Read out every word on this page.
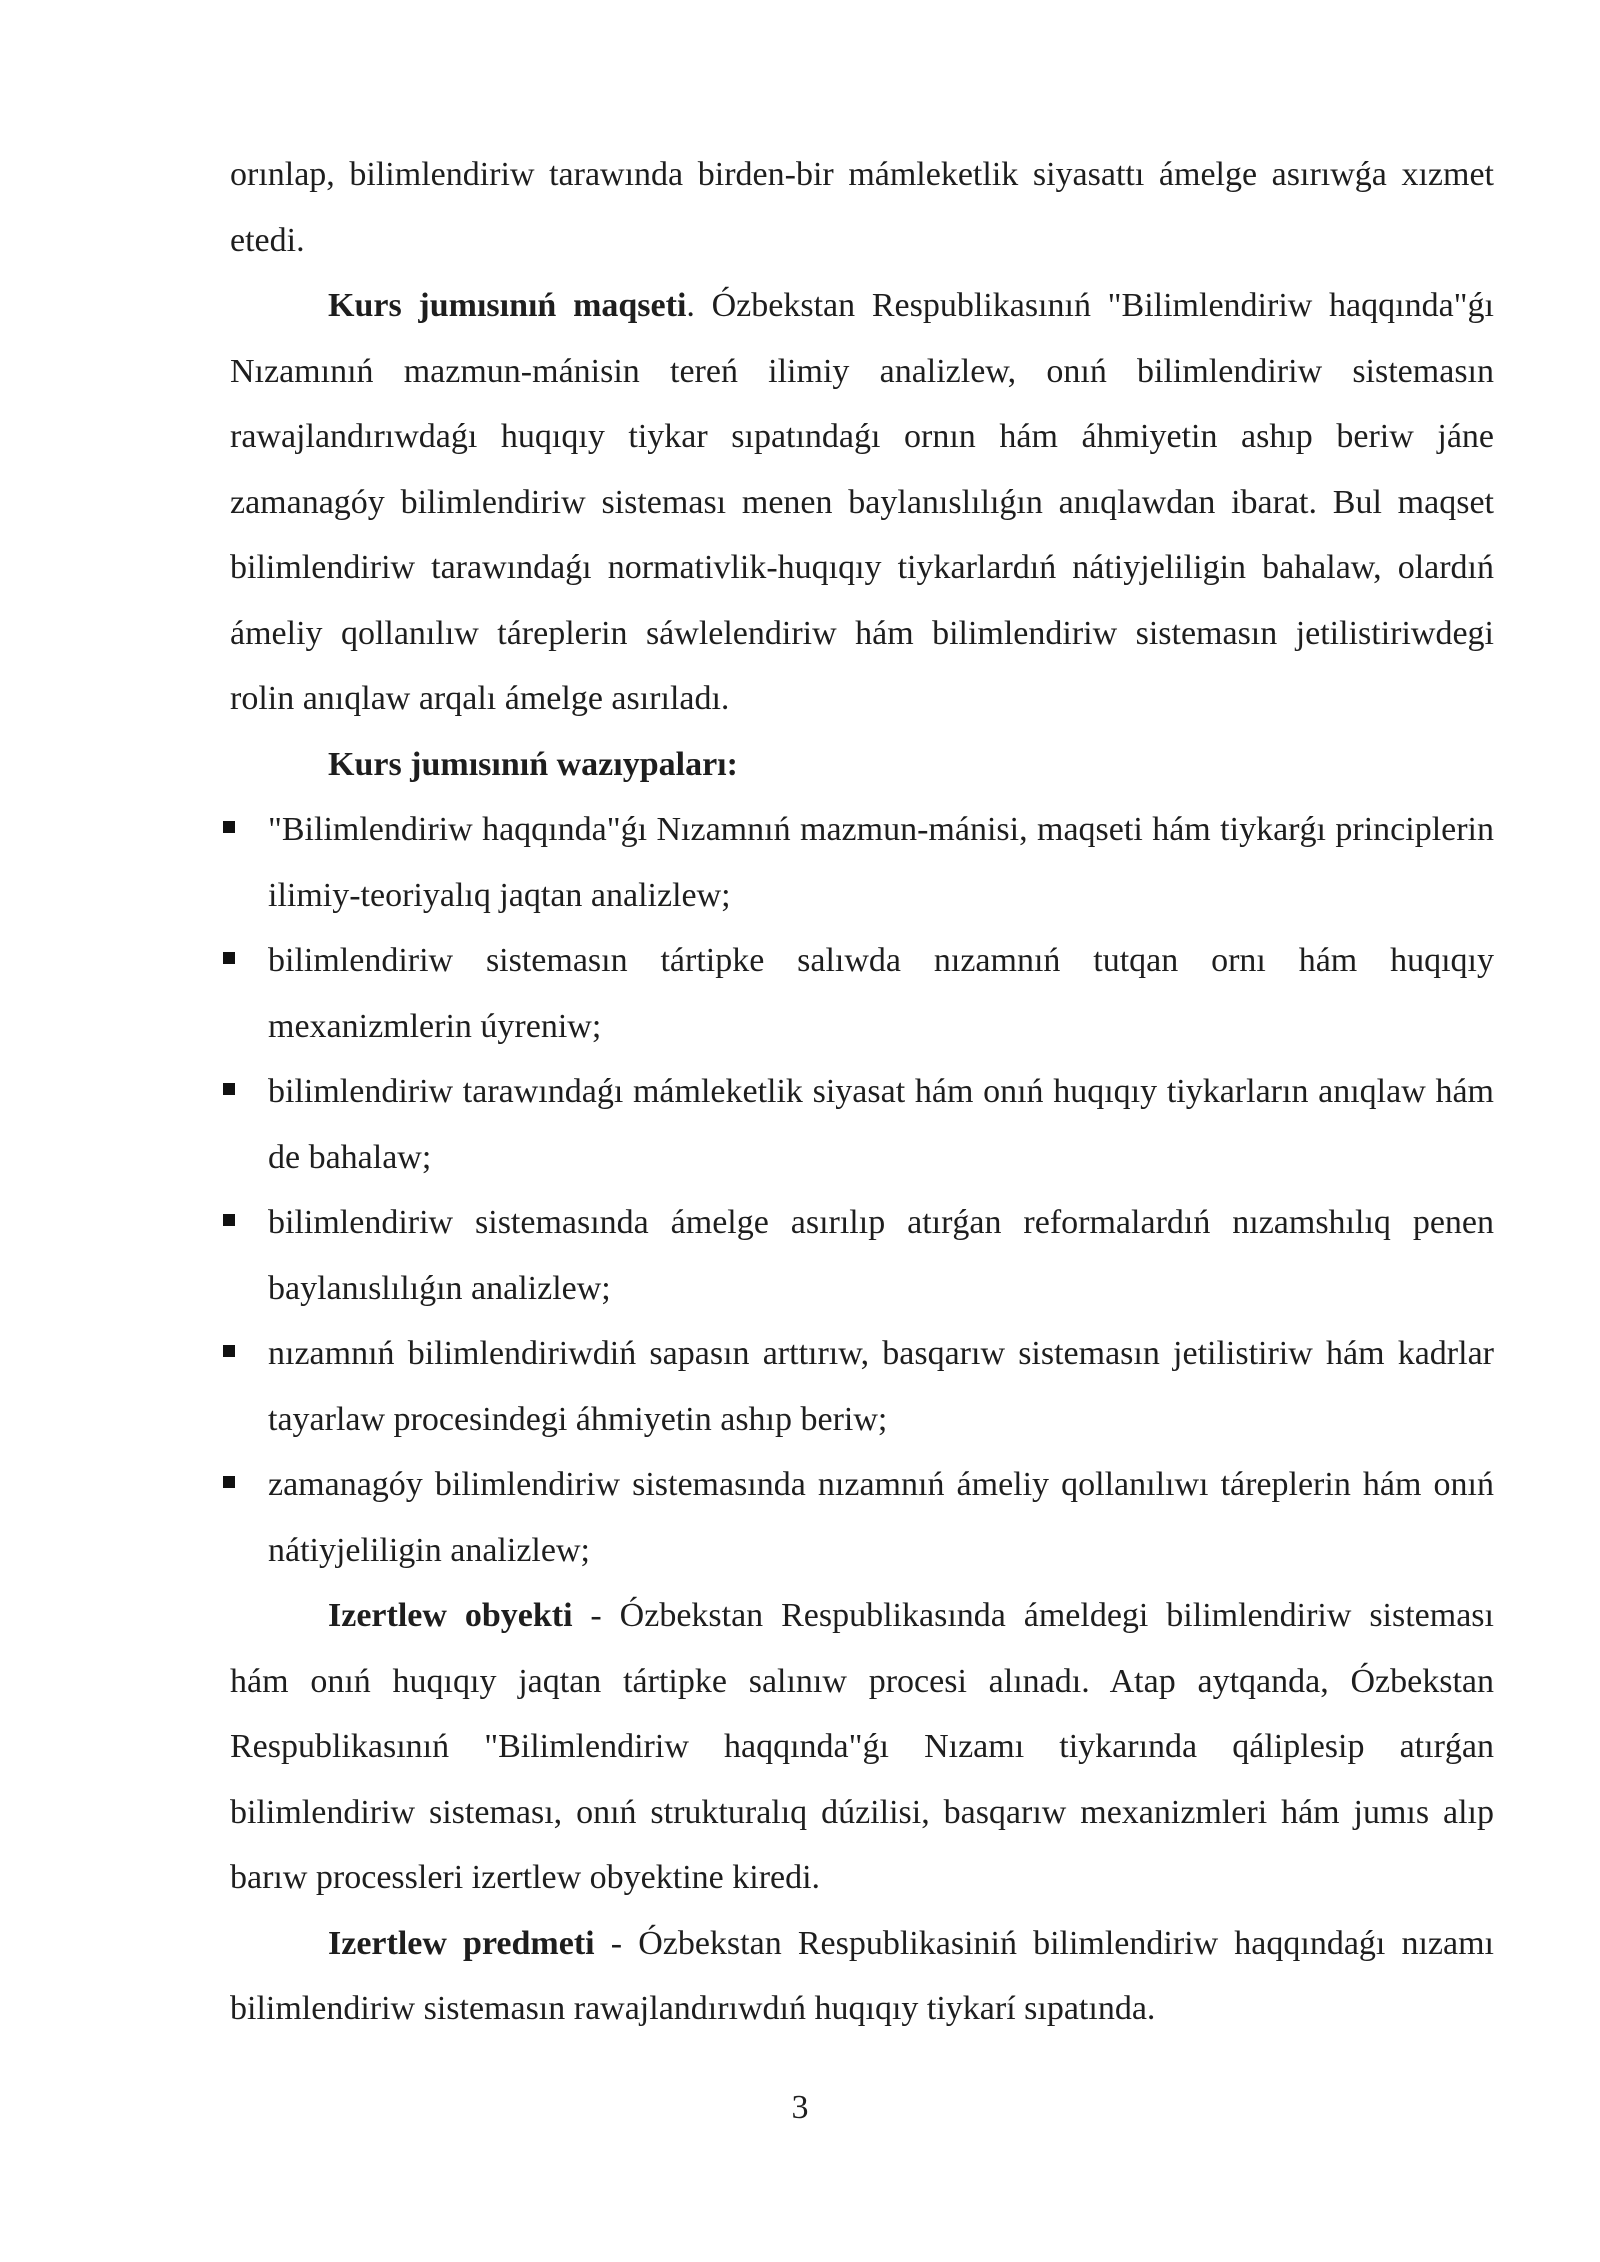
orınlap, bilimlendiriw tarawında birden-bir mámleketlik siyasattı ámelge asırıwǵa xızmet etedi.

Kurs jumısınıń maqseti. Ózbekstan Respublikasınıń "Bilimlendiriw haqqında"ǵı Nızamınıń mazmun-mánisin tereń ilimiy analizlew, onıń bilimlendiriw sistemasın rawajlandırıwdaǵı huqıqıy tiykar sıpatındaǵı ornın hám áhmiyetin ashıp beriw jáne zamanagóy bilimlendiriw sisteması menen baylanıslılıǵın anıqlawdan ibarat. Bul maqset bilimlendiriw tarawındaǵı normativlik-huqıqıy tiykarlardıń nátiyjeliligin bahalaw, olardıń ámeliy qollanılıw tárеplerin sáwlelendiriw hám bilimlendiriw sistemasın jetilistiriwdegi rolin anıqlaw arqalı ámelge asırıladı.

Kurs jumısınıń wazıypaları:

"Bilimlendiriw haqqında"ǵı Nızamnıń mazmun-mánisi, maqseti hám tiykarǵı principlerin ilimiy-teoriyalıq jaqtan analizlew;
bilimlendiriw sistemasın tártipke salıwda nızamnıń tutqan ornı hám huqıqıy mexanizmlerin úyreniw;
bilimlendiriw tarawındaǵı mámleketlik siyasat hám onıń huqıqıy tiykarların anıqlaw hám de bahalaw;
bilimlendiriw sistemasında ámelge asırılıp atırǵan reformalardıń nızamshılıq penen baylanıslılıǵın analizlew;
nızamnıń bilimlendiriwdiń sapasın arttırıw, basqarıw sistemasın jetilistiriw hám kadrlar tayarlaw procesindegi áhmiyetin ashıp beriw;
zamanagóy bilimlendiriw sistemasında nızamnıń ámeliy qollanılıwı táreplerin hám onıń nátiyjeliligin analizlew;

Izertlew obyekti - Ózbekstan Respublikasında ámeldegi bilimlendiriw sisteması hám onıń huqıqıy jaqtan tártipke salınıw procesi alınadı. Atap aytqanda, Ózbekstan Respublikasınıń "Bilimlendiriw haqqında"ǵı Nızamı tiykarında qáliplesip atırǵan bilimlendiriw sisteması, onıń strukturalıq dúzilisi, basqarıw mexanizmleri hám jumıs alıp barıw processleri izertlew obyektine kiredi.

Izertlew predmeti - Ózbekstan Respublikasiniń bilimlendiriw haqqındaǵı nızamı bilimlendiriw sistemasın rawajlandırıwdıń huqıqıy tiykarí sıpatında.

3
